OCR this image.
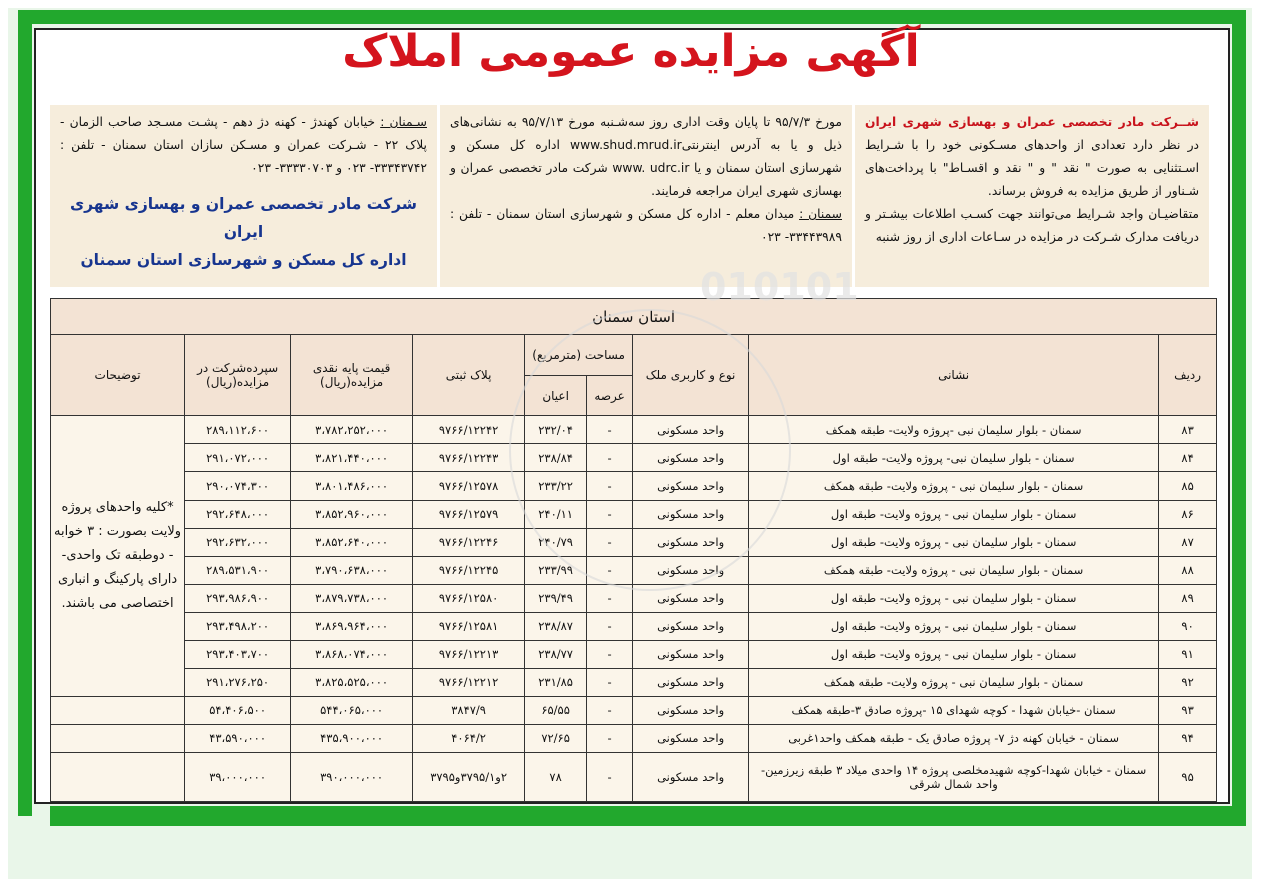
آگهی مزایده عمومی املاک
شــرکت مادر تخصصی عمران و بهسازی شهری ایران در نظر دارد تعدادی از واحدهای مسـکونی خود را با شـرایط اسـتثنایی به صورت " نقد " و " نقد و اقسـاط" با پرداخت‌های شـناور از طریق مزایده به فروش برساند.
متقاضیـان واجد شـرایط می‌توانند جهت کسـب اطلاعات بیشـتر و دریافت مدارک شـرکت در مزایده در سـاعات اداری از روز شنبه
مورخ ۹۵/۷/۳ تا پایان وقت اداری روز سه‌شـنبه مورخ ۹۵/۷/۱۳ به نشانی‌های ذیل و یا به آدرس اینترنتیwww.shud.mrud.ir اداره کل مسکن و شهرسازی استان سمنان و یا www. udrc.ir شرکت مادر تخصصی عمران و بهسازی شهری ایران مراجعه فرمایند.
سمنان : میدان معلم - اداره کل مسکن و شهرسازی استان سمنان - تلفن : ۳۳۴۴۳۹۸۹- ۰۲۳
سـمنان : خیابان کهندژ - کهنه دژ دهم - پشـت مسـجد صاحب الزمان - پلاک ۲۲ - شـرکت عمران و مسـکن سازان استان سمنان - تلفن : ۳۳۳۴۳۷۴۲- ۰۲۳ و ۳۳۳۳۰۷۰۳- ۰۲۳
شرکت مادر تخصصی عمران و بهسازی شهری ایران
اداره کل مسکن و شهرسازی استان سمنان
استان سمنان								
ردیف	نشانی	نوع و کاربری ملک	مساحت (مترمربع)		پلاک ثبتی	قیمت پایه نقدی مزایده(ریال)	سپرده‌شرکت در مزایده(ریال)	توضیحات
			عرصه	اعیان				
۸۳	سمنان - بلوار سلیمان نبی -پروژه ولایت- طبقه همکف	واحد مسکونی	-	۲۳۲/۰۴	۹۷۶۶/۱۲۲۴۲	۳،۷۸۲،۲۵۲،۰۰۰	۲۸۹،۱۱۲،۶۰۰	*کلیه واحدهای پروژه ولایت بصورت : ۳ خوابه - دوطبقه تک واحدی- دارای پارکینگ و انباری اختصاصی می باشند.
۸۴	سمنان - بلوار سلیمان نبی- پروژه ولایت- طبقه اول	واحد مسکونی	-	۲۳۸/۸۴	۹۷۶۶/۱۲۲۴۳	۳،۸۲۱،۴۴۰،۰۰۰	۲۹۱،۰۷۲،۰۰۰	
۸۵	سمنان - بلوار سلیمان نبی - پروژه ولایت- طبقه همکف	واحد مسکونی	-	۲۳۳/۲۲	۹۷۶۶/۱۲۵۷۸	۳،۸۰۱،۴۸۶،۰۰۰	۲۹۰،۰۷۴،۳۰۰	
۸۶	سمنان - بلوار سلیمان نبی - پروژه ولایت- طبقه اول	واحد مسکونی	-	۲۴۰/۱۱	۹۷۶۶/۱۲۵۷۹	۳،۸۵۲،۹۶۰،۰۰۰	۲۹۲،۶۴۸،۰۰۰	
۸۷	سمنان - بلوار سلیمان نبی - پروژه ولایت- طبقه اول	واحد مسکونی	-	۲۴۰/۷۹	۹۷۶۶/۱۲۲۴۶	۳،۸۵۲،۶۴۰،۰۰۰	۲۹۲،۶۳۲،۰۰۰	
۸۸	سمنان - بلوار سلیمان نبی - پروژه ولایت- طبقه همکف	واحد مسکونی	-	۲۳۳/۹۹	۹۷۶۶/۱۲۲۴۵	۳،۷۹۰،۶۳۸،۰۰۰	۲۸۹،۵۳۱،۹۰۰	
۸۹	سمنان - بلوار سلیمان نبی - پروژه ولایت- طبقه اول	واحد مسکونی	-	۲۳۹/۴۹	۹۷۶۶/۱۲۵۸۰	۳،۸۷۹،۷۳۸،۰۰۰	۲۹۳،۹۸۶،۹۰۰	
۹۰	سمنان - بلوار سلیمان نبی - پروژه ولایت- طبقه اول	واحد مسکونی	-	۲۳۸/۸۷	۹۷۶۶/۱۲۵۸۱	۳،۸۶۹،۹۶۴،۰۰۰	۲۹۳،۴۹۸،۲۰۰	
۹۱	سمنان - بلوار سلیمان نبی - پروژه ولایت- طبقه اول	واحد مسکونی	-	۲۳۸/۷۷	۹۷۶۶/۱۲۲۱۳	۳،۸۶۸،۰۷۴،۰۰۰	۲۹۳،۴۰۳،۷۰۰	
۹۲	سمنان - بلوار سلیمان نبی - پروژه ولایت- طبقه همکف	واحد مسکونی	-	۲۳۱/۸۵	۹۷۶۶/۱۲۲۱۲	۳،۸۲۵،۵۲۵،۰۰۰	۲۹۱،۲۷۶،۲۵۰	
۹۳	سمنان -خیابان شهدا - کوچه شهدای ۱۵ -پروژه صادق ۳-طبقه همکف	واحد مسکونی	-	۶۵/۵۵	۳۸۴۷/۹	۵۴۴،۰۶۵،۰۰۰	۵۴،۴۰۶،۵۰۰	
۹۴	سمنان - خیابان کهنه دژ ۷- پروژه صادق یک - طبقه همکف واحد۱غربی	واحد مسکونی	-	۷۲/۶۵	۴۰۶۴/۲	۴۳۵،۹۰۰،۰۰۰	۴۳،۵۹۰،۰۰۰	
۹۵	سمنان - خیابان شهدا-کوچه شهیدمخلصی پروژه ۱۴ واحدی میلاد ۳ طبقه زیرزمین- واحد شمال شرقی	واحد مسکونی	-	۷۸	۲و۳۷۹۵/۱و۳۷۹۵	۳۹۰،۰۰۰،۰۰۰	۳۹،۰۰۰،۰۰۰	
010101
